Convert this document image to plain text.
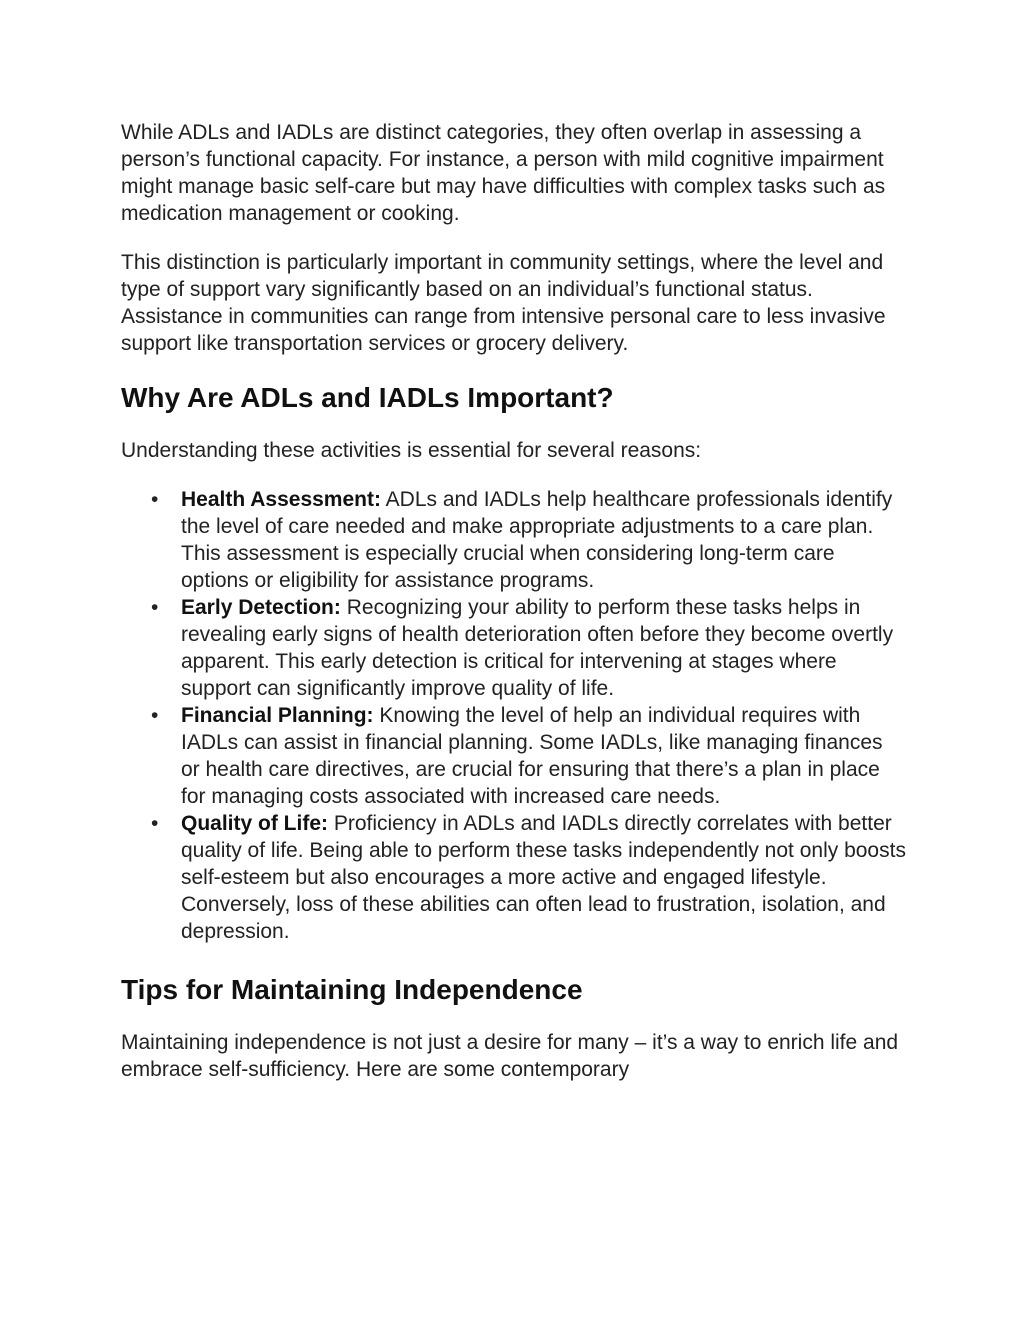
While ADLs and IADLs are distinct categories, they often overlap in assessing a person’s functional capacity. For instance, a person with mild cognitive impairment might manage basic self-care but may have difficulties with complex tasks such as medication management or cooking.

This distinction is particularly important in community settings, where the level and type of support vary significantly based on an individual’s functional status. Assistance in communities can range from intensive personal care to less invasive support like transportation services or grocery delivery.

Why Are ADLs and IADLs Important?

Understanding these activities is essential for several reasons:

• Health Assessment: ADLs and IADLs help healthcare professionals identify the level of care needed and make appropriate adjustments to a care plan. This assessment is especially crucial when considering long-term care options or eligibility for assistance programs.
• Early Detection: Recognizing your ability to perform these tasks helps in revealing early signs of health deterioration often before they become overtly apparent. This early detection is critical for intervening at stages where support can significantly improve quality of life.
• Financial Planning: Knowing the level of help an individual requires with IADLs can assist in financial planning. Some IADLs, like managing finances or health care directives, are crucial for ensuring that there’s a plan in place for managing costs associated with increased care needs.
• Quality of Life: Proficiency in ADLs and IADLs directly correlates with better quality of life. Being able to perform these tasks independently not only boosts self-esteem but also encourages a more active and engaged lifestyle. Conversely, loss of these abilities can often lead to frustration, isolation, and depression.
Tips for Maintaining Independence

Maintaining independence is not just a desire for many – it’s a way to enrich life and embrace self-sufficiency. Here are some contemporary
